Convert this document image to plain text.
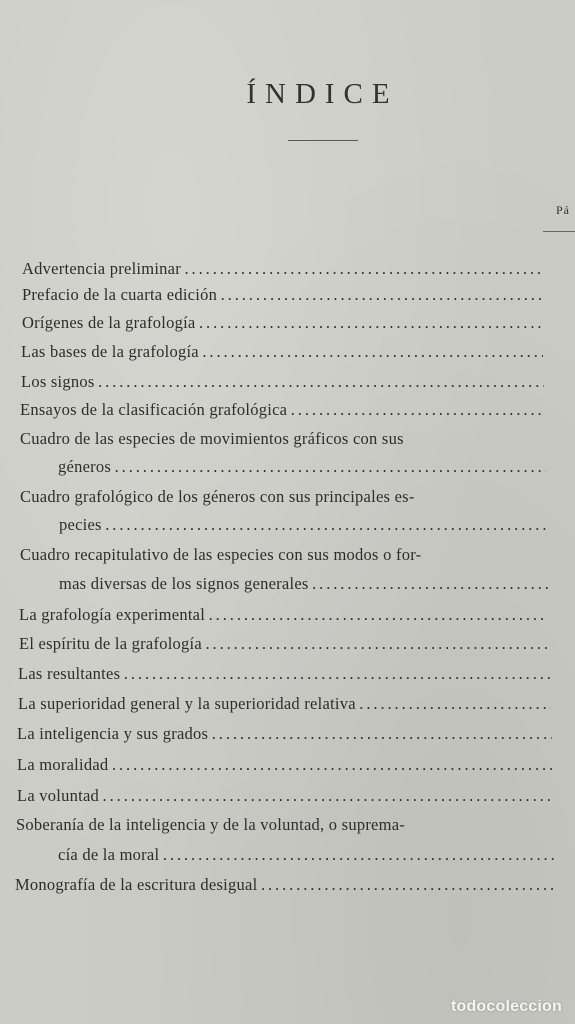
ÍNDICE
Pá
Advertencia preliminar . . .
Prefacio de la cuarta edición . . .
Orígenes de la grafología . . .
Las bases de la grafología . . .
Los signos . . .
Ensayos de la clasificación grafológica . . .
Cuadro de las especies de movimientos gráficos con sus
géneros . . .
Cuadro grafológico de los géneros con sus principales es-
pecies . . .
Cuadro recapitulativo de las especies con sus modos o for-
mas diversas de los signos generales . . .
La grafología experimental . . .
El espíritu de la grafología . . .
Las resultantes . . .
La superioridad general y la superioridad relativa . . .
La inteligencia y sus grados . . .
La moralidad . . .
La voluntad . . .
Soberanía de la inteligencia y de la voluntad, o suprema-
cía de la moral . . .
Monografía de la escritura desigual . . .
todocoleccion
